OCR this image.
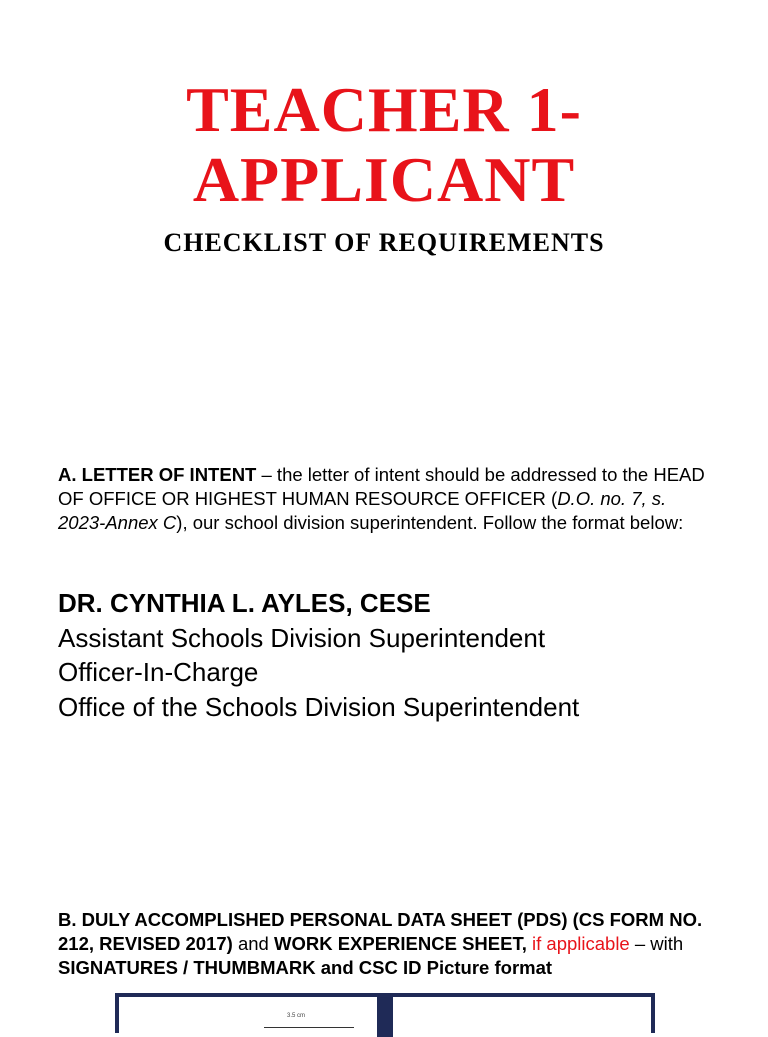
TEACHER 1-
APPLICANT
CHECKLIST OF REQUIREMENTS

A. LETTER OF INTENT – the letter of intent should be addressed to the HEAD OF OFFICE OR HIGHEST HUMAN RESOURCE OFFICER (D.O. no. 7, s. 2023-Annex C), our school division superintendent. Follow the format below:

DR. CYNTHIA L. AYLES, CESE
Assistant Schools Division Superintendent
Officer-In-Charge
Office of the Schools Division Superintendent

B. DULY ACCOMPLISHED PERSONAL DATA SHEET (PDS) (CS FORM NO. 212, REVISED 2017) and WORK EXPERIENCE SHEET, if applicable – with SIGNATURES / THUMBMARK and CSC ID Picture format

3.5 cm
